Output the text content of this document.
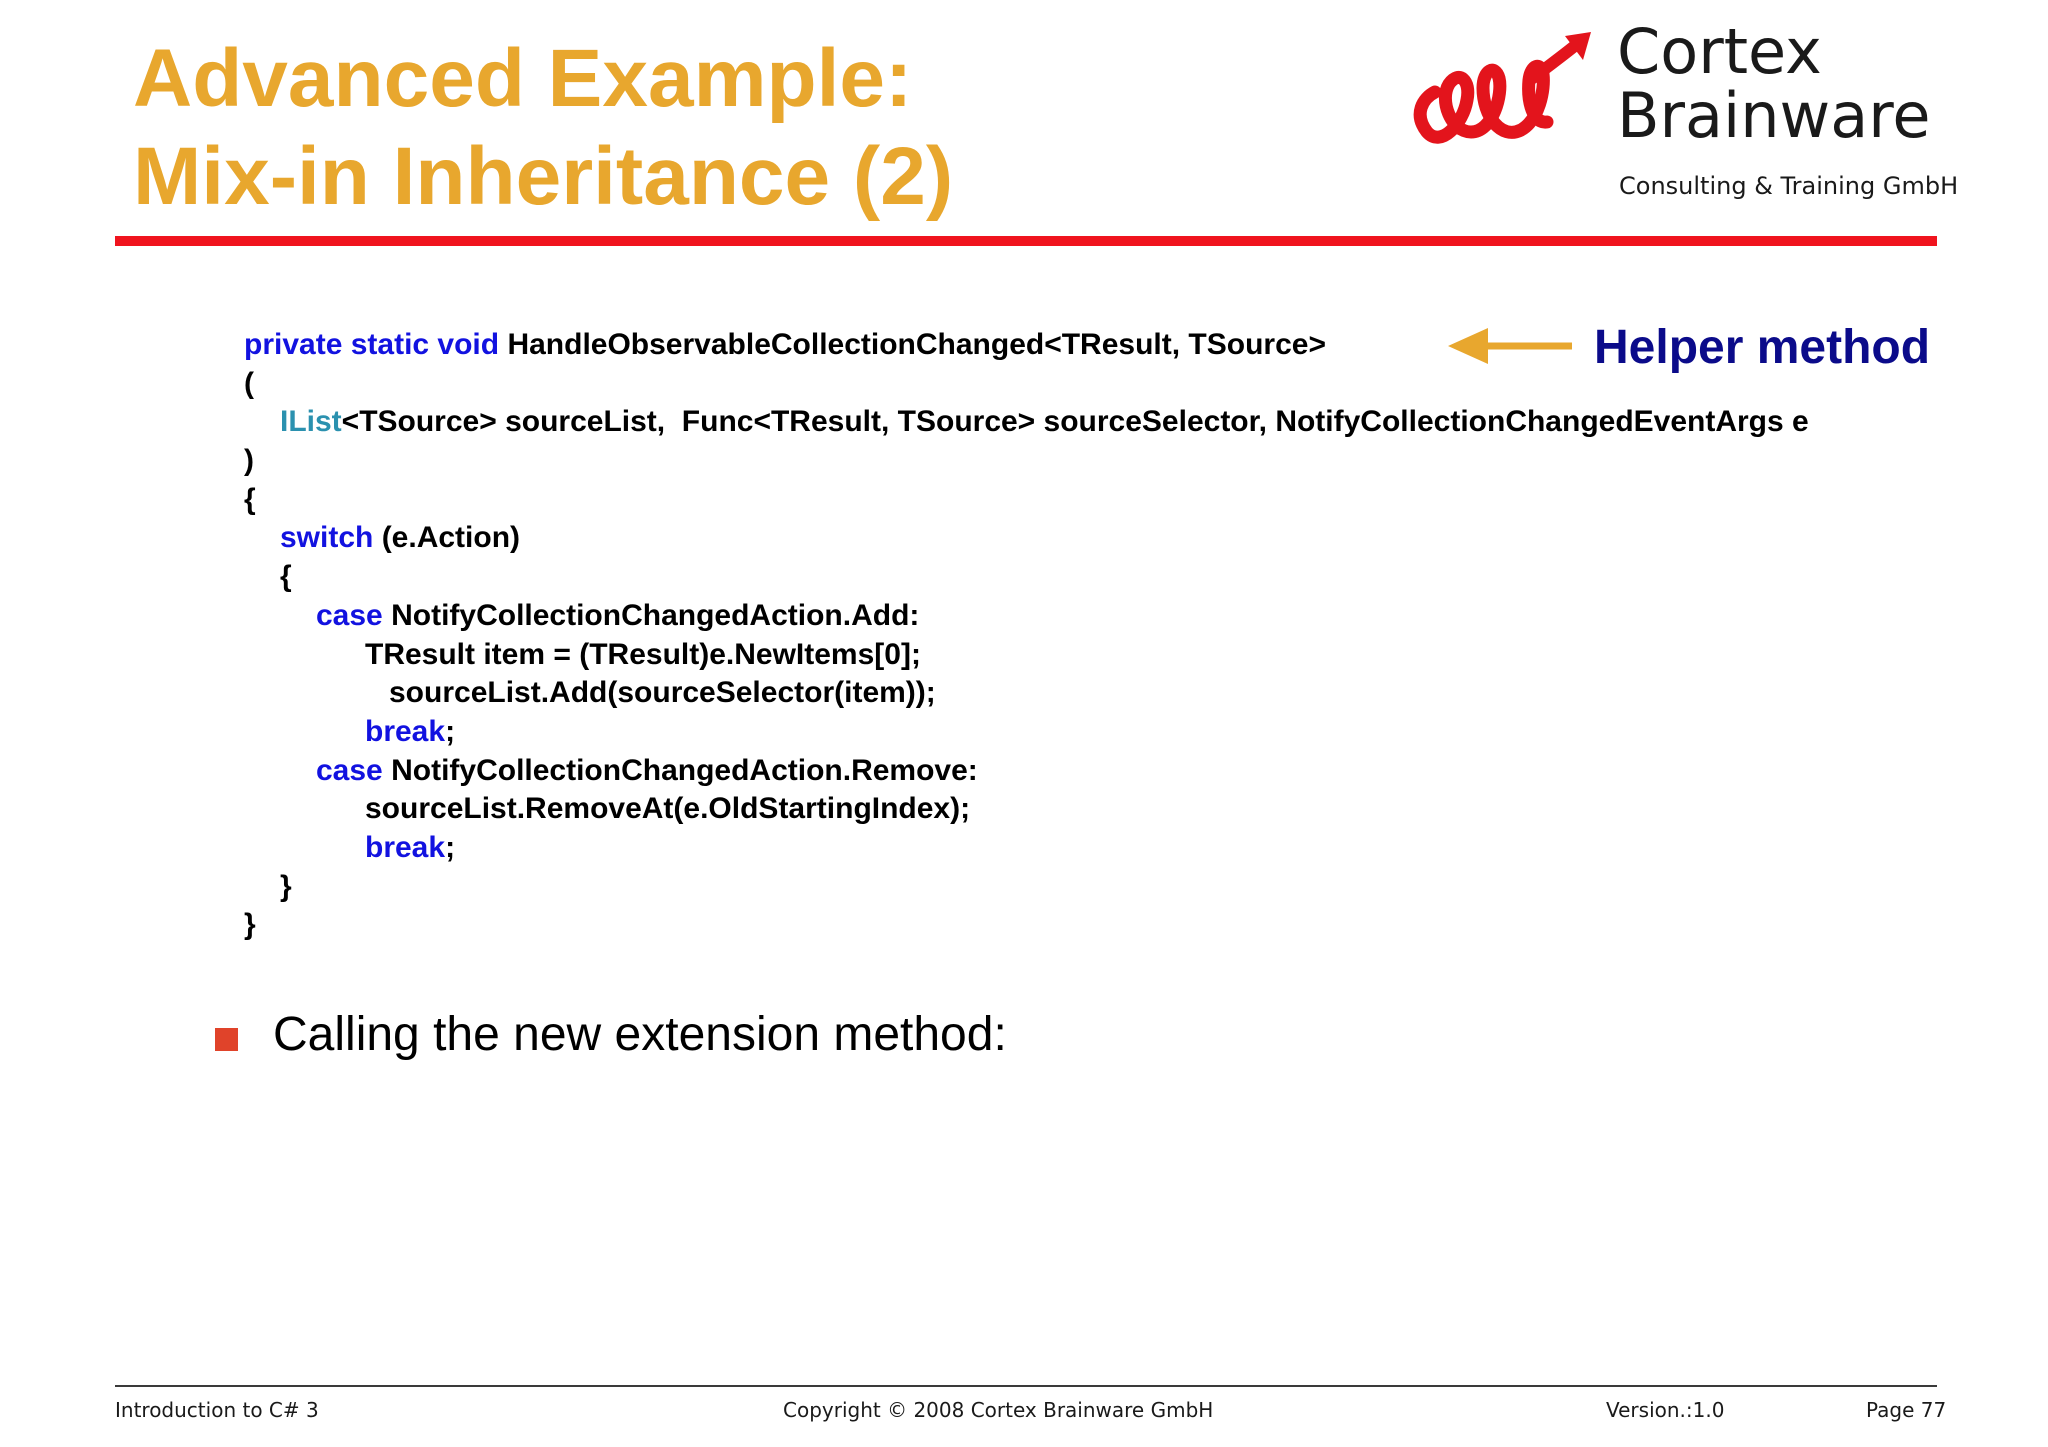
Advanced Example:
Mix-in Inheritance (2)
Cortex
Brainware
Consulting & Training GmbH
private static void HandleObservableCollectionChanged<TResult, TSource>
(
IList<TSource> sourceList,  Func<TResult, TSource> sourceSelector, NotifyCollectionChangedEventArgs e
)
{
switch (e.Action)
{
case NotifyCollectionChangedAction.Add:
TResult item = (TResult)e.NewItems[0];
sourceList.Add(sourceSelector(item));
break;
case NotifyCollectionChangedAction.Remove:
sourceList.RemoveAt(e.OldStartingIndex);
break;
}
}
Helper method
Calling the new extension method:
Introduction to C# 3	Copyright © 2008 Cortex Brainware GmbH	Version.:1.0	Page 77
